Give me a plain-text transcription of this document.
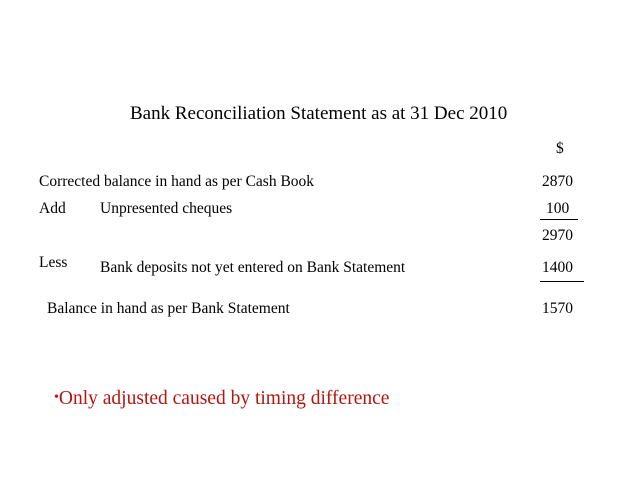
Bank Reconciliation Statement as at 31 Dec 2010
$
Corrected balance in hand as per Cash Book	2870
Add Unpresented cheques	100
2970
Less Bank deposits not yet entered on Bank Statement	1400
Balance in hand as per Bank Statement	1570
•Only adjusted caused by timing difference
